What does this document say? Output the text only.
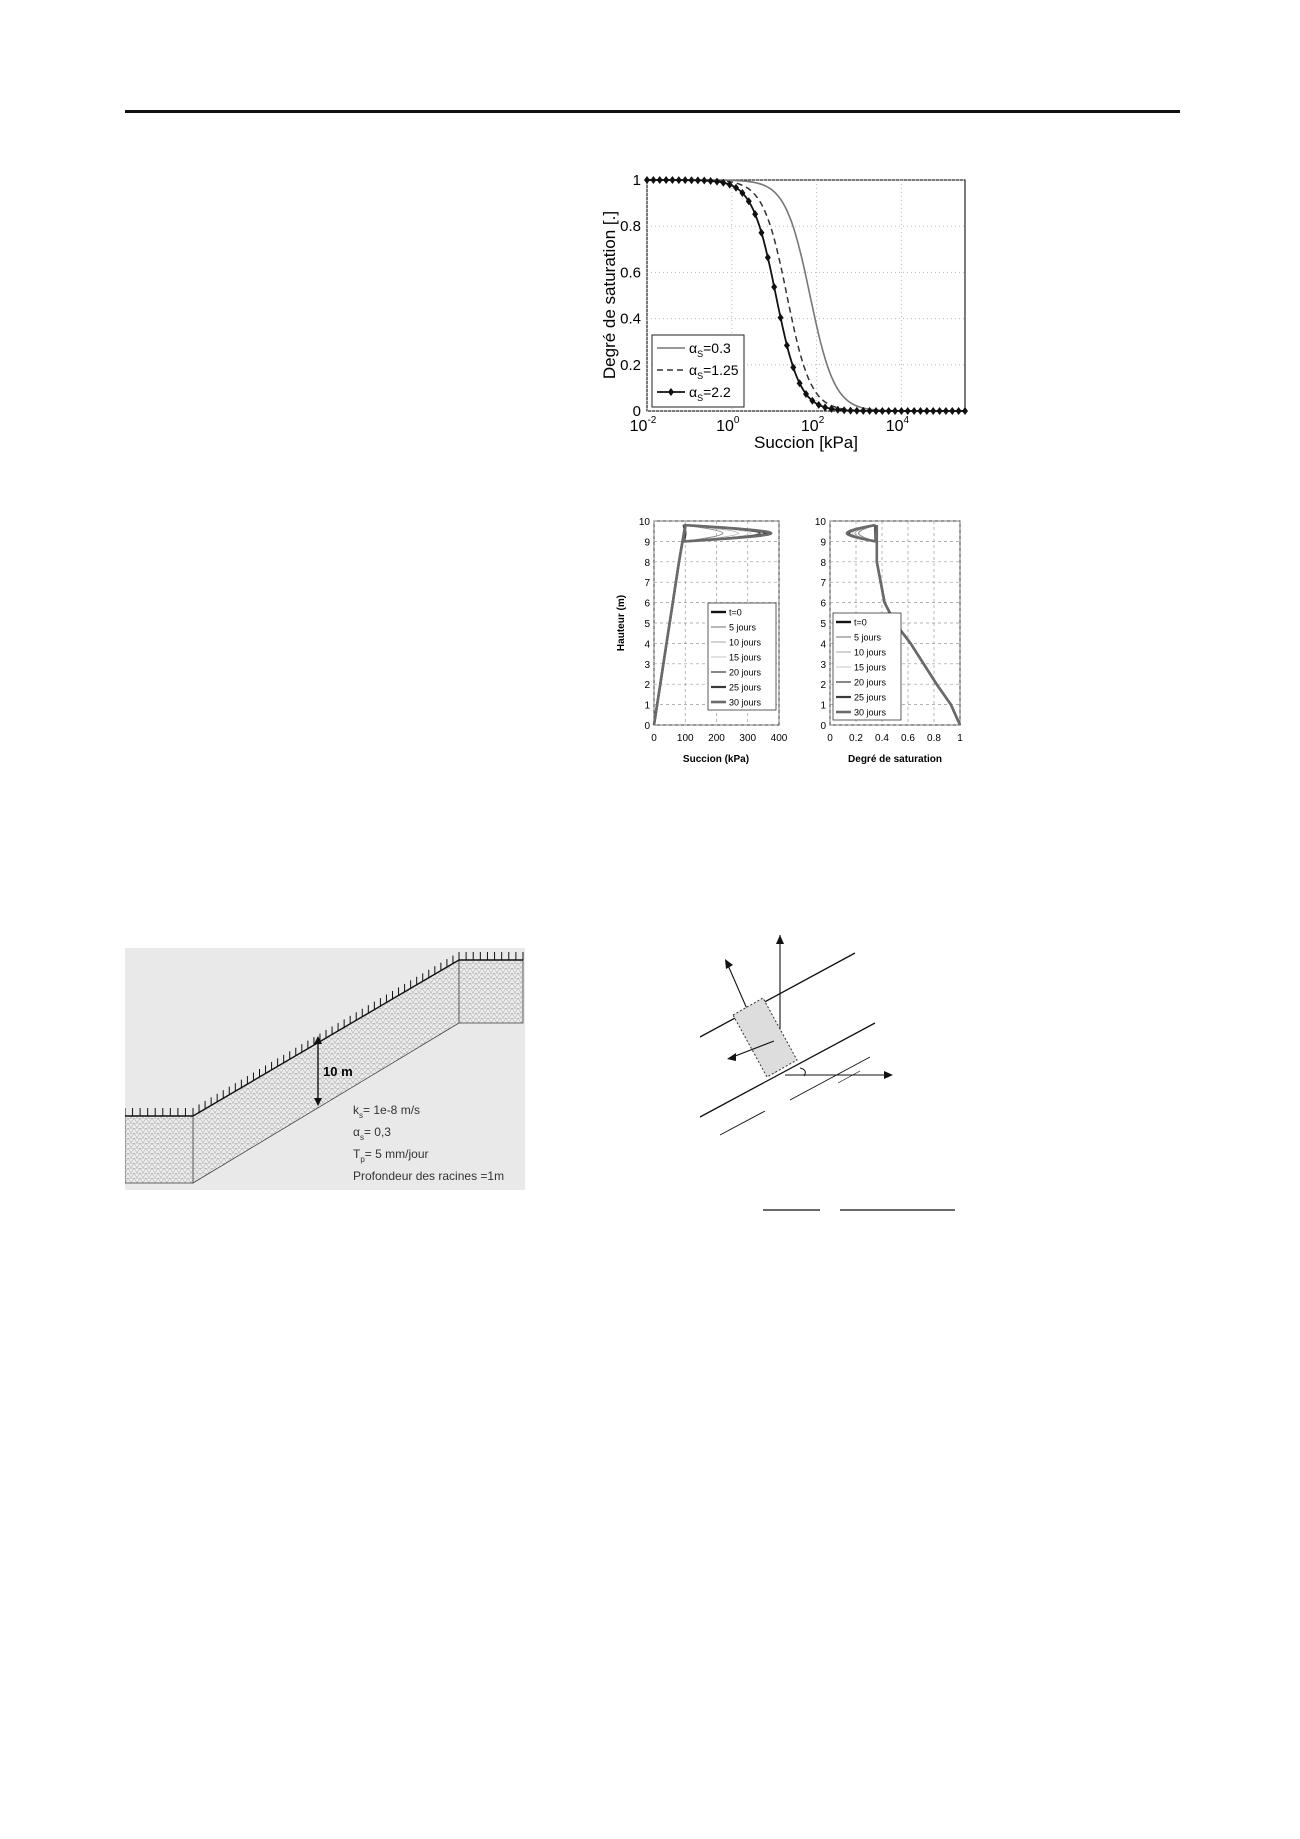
$10^{-2}$	$10^0$	$10^2$	$10^4$
0
0.2
0.4
0.6
0.8
1
$\alpha_S=0.3$
$\alpha_S=1.25$
$\alpha_S=2.2$
Succion [kPa]
Degré de saturation [.]
0 100 200 300 400
0
1
2
3
4
5
6
7
8
9
10
t=0
5 jours
10 jours
15 jours
20 jours
25 jours
30 jours
Succion (kPa)
Hauteur (m)
0 0.2 0.4 0.6 0.8 1
0
1
2
3
4
5
6
7
8
9
10
t=0
5 jours
10 jours
15 jours
20 jours
25 jours
30 jours
Degré de saturation
10 m
$k_s= 1e-8$ m/s
$\alpha_s= 0,3$
$T_p= 5$ mm/jour
Profondeur des racines =1m
